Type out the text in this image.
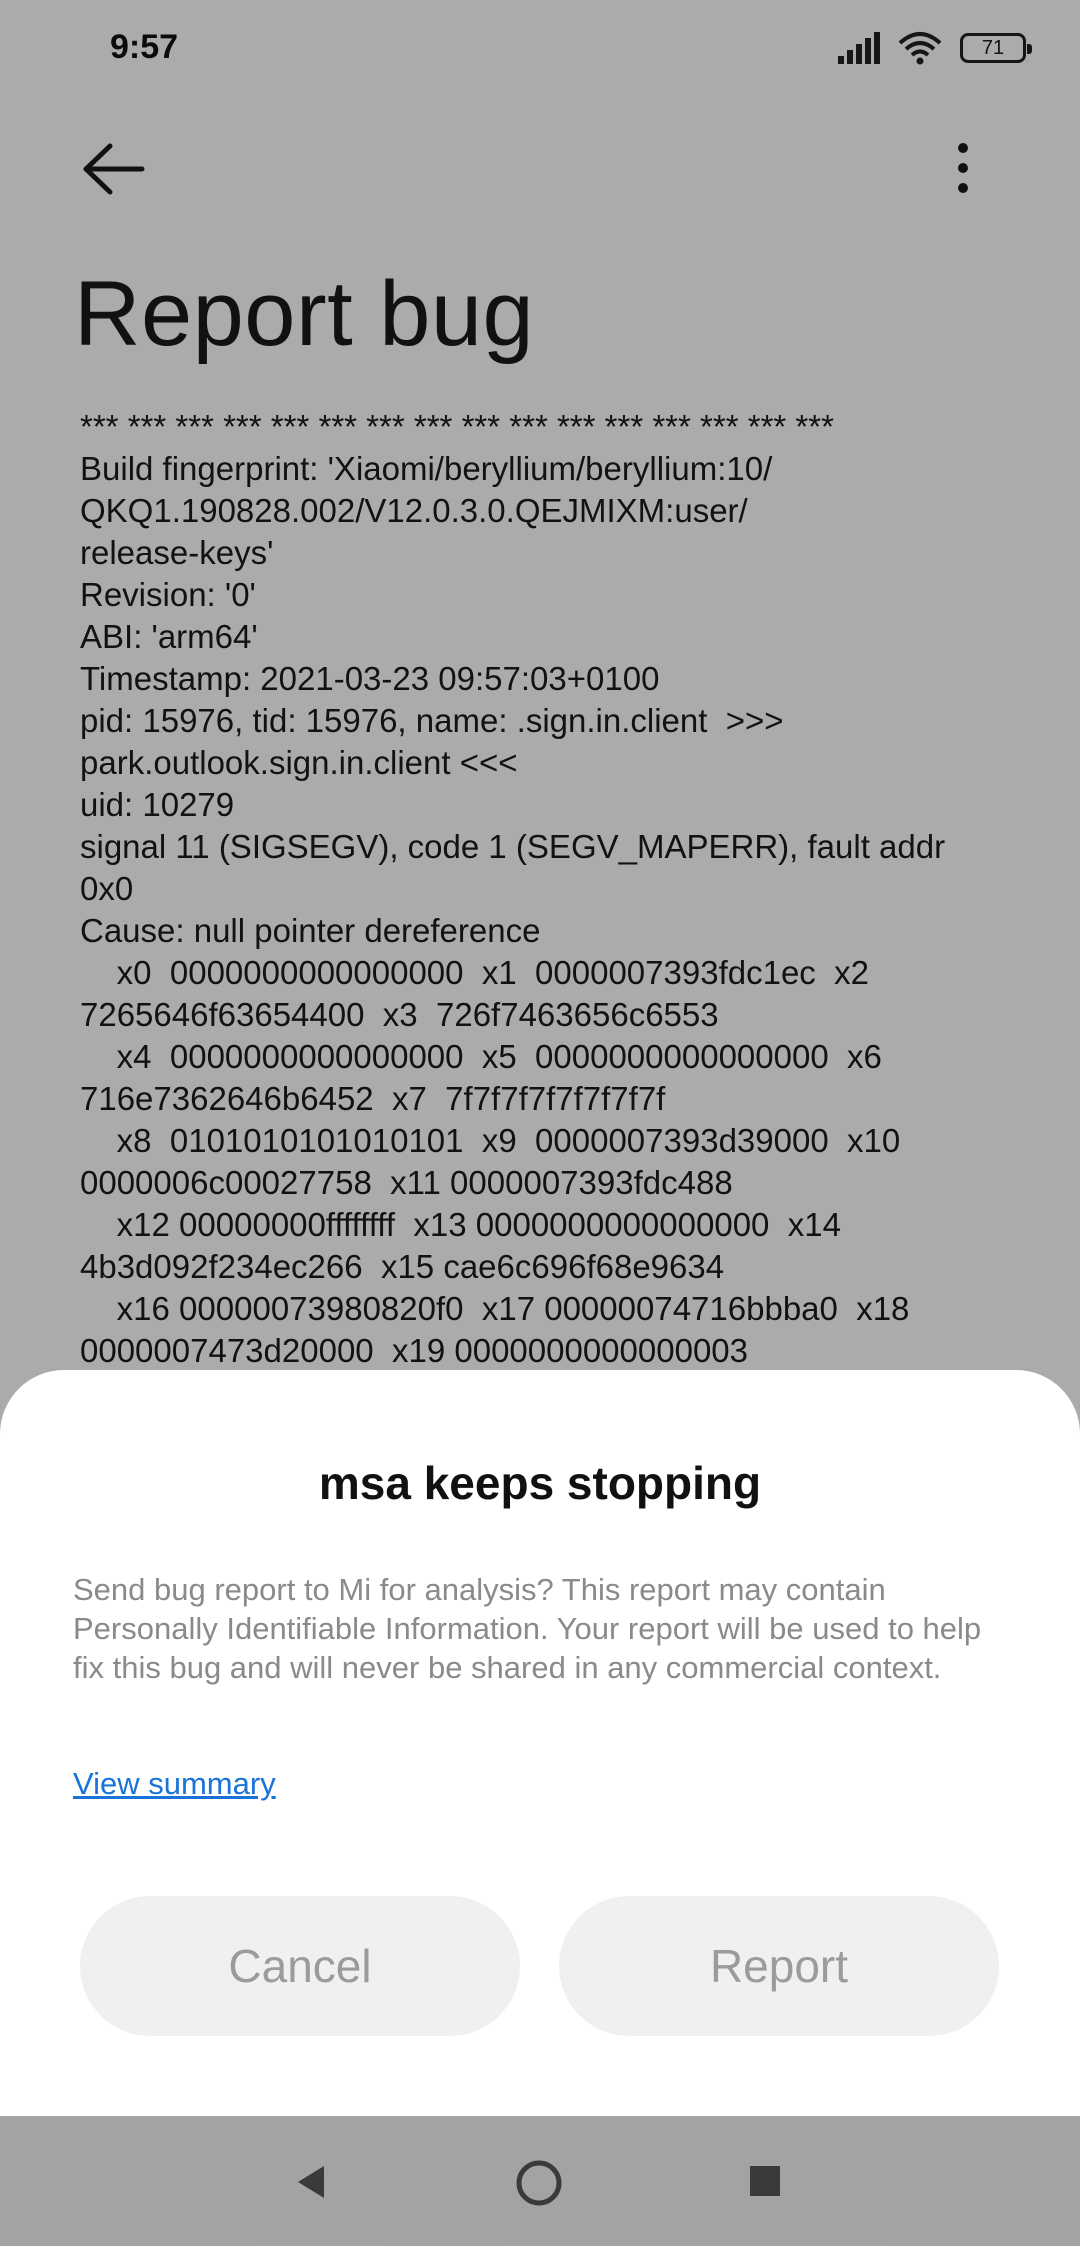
9:57	71
Report bug
*** *** *** *** *** *** *** *** *** *** *** *** *** *** *** ***
Build fingerprint: 'Xiaomi/beryllium/beryllium:10/
QKQ1.190828.002/V12.0.3.0.QEJMIXM:user/
release-keys'
Revision: '0'
ABI: 'arm64'
Timestamp: 2021-03-23 09:57:03+0100
pid: 15976, tid: 15976, name: .sign.in.client  >>>
park.outlook.sign.in.client <<<
uid: 10279
signal 11 (SIGSEGV), code 1 (SEGV_MAPERR), fault addr
0x0
Cause: null pointer dereference
x0  0000000000000000  x1  0000007393fdc1ec  x2
7265646f63654400  x3  726f7463656c6553
x4  0000000000000000  x5  0000000000000000  x6
716e7362646b6452  x7  7f7f7f7f7f7f7f7f
x8  0101010101010101  x9  0000007393d39000  x10
0000006c00027758  x11 0000007393fdc488
x12 00000000ffffffff  x13 0000000000000000  x14
4b3d092f234ec266  x15 cae6c696f68e9634
x16 00000073980820f0  x17 00000074716bbba0  x18
0000007473d20000  x19 0000000000000003
msa keeps stopping
Send bug report to Mi for analysis? This report may contain Personally Identifiable Information. Your report will be used to help fix this bug and will never be shared in any commercial context.
View summary
Cancel	Report
